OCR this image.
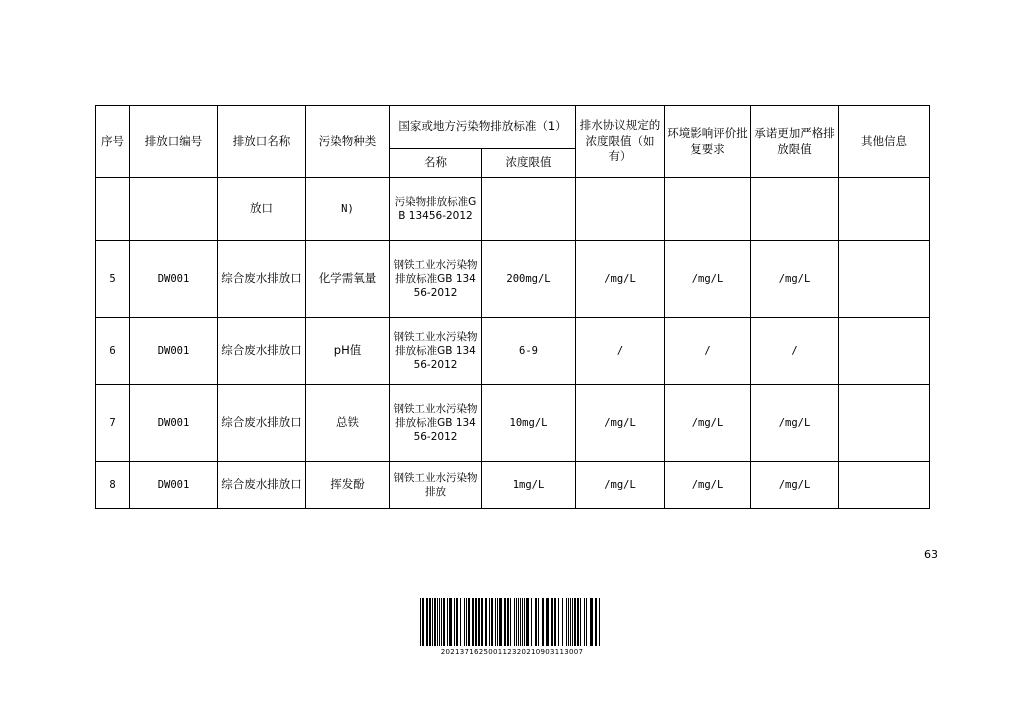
序号	排放口编号	排放口名称	污染物种类	国家或地方污染物排放标准（1）		排水协议规定的浓度限值（如有）	环境影响评价批复要求	承诺更加严格排放限值	其他信息
				名称	浓度限值				
		放口	N)	污染物排放标准GB 13456-2012					
5	DW001	综合废水排放口	化学需氧量	钢铁工业水污染物排放标准GB 13456-2012	200mg/L	/mg/L	/mg/L	/mg/L	
6	DW001	综合废水排放口	pH值	钢铁工业水污染物排放标准GB 13456-2012	6-9	/	/	/	
7	DW001	综合废水排放口	总铁	钢铁工业水污染物排放标准GB 13456-2012	10mg/L	/mg/L	/mg/L	/mg/L	
8	DW001	综合废水排放口	挥发酚	钢铁工业水污染物排放	1mg/L	/mg/L	/mg/L	/mg/L	
63
202137162500112320210903113007
